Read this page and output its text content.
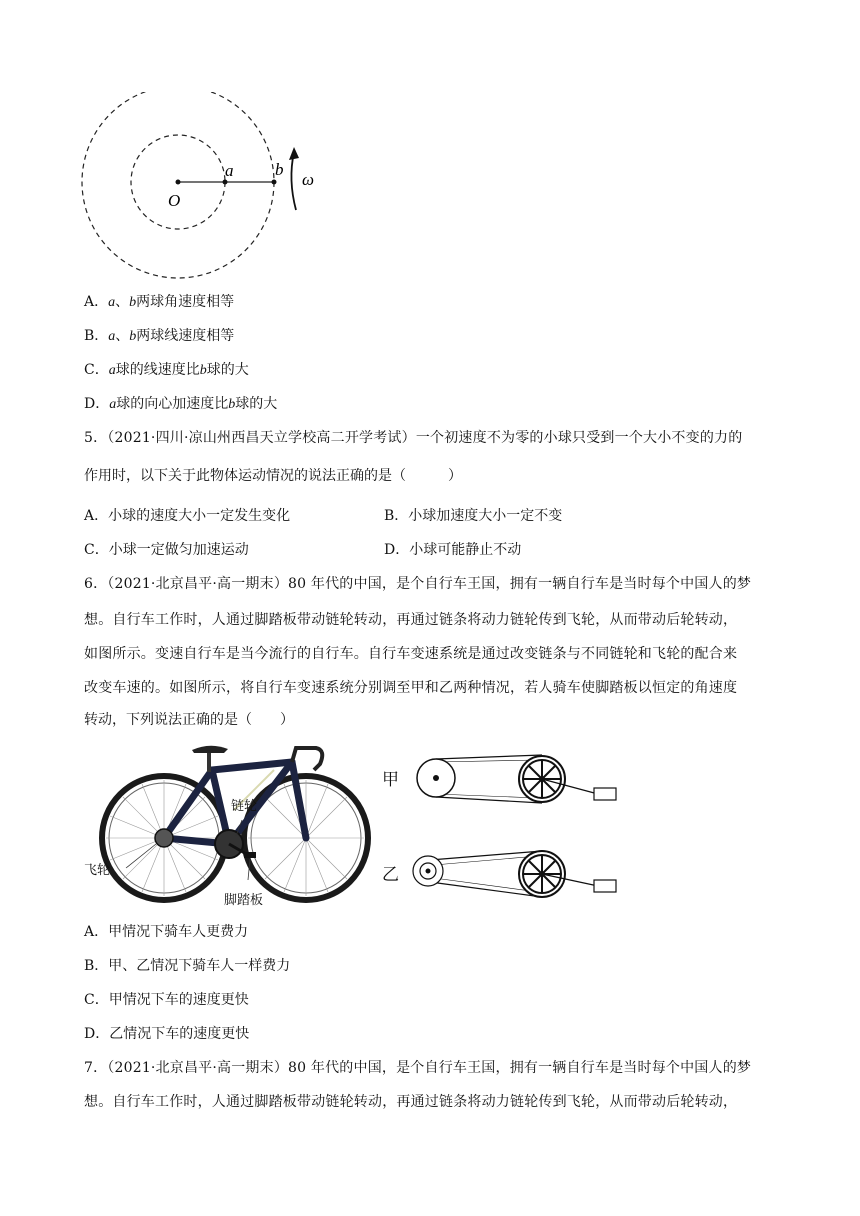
O
a b
ω
A．a、b两球角速度相等
B．a、b两球线速度相等
C．a球的线速度比b球的大
D．a球的向心加速度比b球的大
5．（2021·四川·凉山州西昌天立学校高二开学考试）一个初速度不为零的小球只受到一个大小不变的力的
作用时，以下关于此物体运动情况的说法正确的是（　　　）
A．小球的速度大小一定发生变化	B．小球加速度大小一定不变
C．小球一定做匀加速运动	D．小球可能静止不动
6．（2021·北京昌平·高一期末）80 年代的中国，是个自行车王国，拥有一辆自行车是当时每个中国人的梦
想。自行车工作时，人通过脚踏板带动链轮转动，再通过链条将动力链轮传到飞轮，从而带动后轮转动，
如图所示。变速自行车是当今流行的自行车。自行车变速系统是通过改变链条与不同链轮和飞轮的配合来
改变车速的。如图所示，将自行车变速系统分别调至甲和乙两种情况，若人骑车使脚踏板以恒定的角速度
转动，下列说法正确的是（　　）
链轮
飞轮
脚踏板
甲
乙
A．甲情况下骑车人更费力
B．甲、乙情况下骑车人一样费力
C．甲情况下车的速度更快
D．乙情况下车的速度更快
7．（2021·北京昌平·高一期末）80 年代的中国，是个自行车王国，拥有一辆自行车是当时每个中国人的梦
想。自行车工作时，人通过脚踏板带动链轮转动，再通过链条将动力链轮传到飞轮，从而带动后轮转动，
